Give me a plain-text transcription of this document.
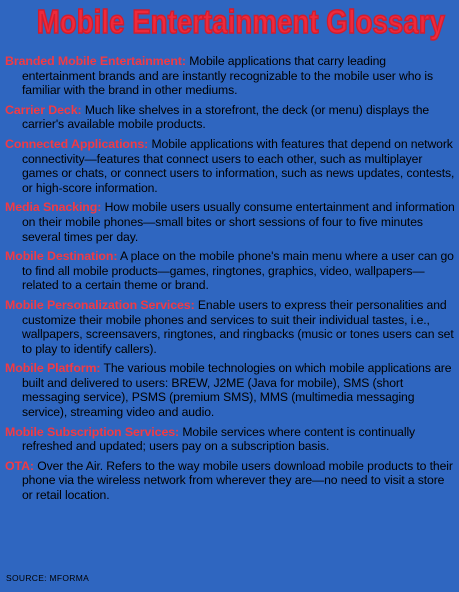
Mobile Entertainment Glossary

Branded Mobile Entertainment: Mobile applications that carry leading entertainment brands and are instantly recognizable to the mobile user who is familiar with the brand in other mediums.

Carrier Deck: Much like shelves in a storefront, the deck (or menu) displays the carrier's available mobile products.

Connected Applications: Mobile applications with features that depend on network connectivity—features that connect users to each other, such as multiplayer games or chats, or connect users to information, such as news updates, contests, or high-score information.

Media Snacking: How mobile users usually consume entertainment and information on their mobile phones—small bites or short sessions of four to five minutes several times per day.

Mobile Destination: A place on the mobile phone's main menu where a user can go to find all mobile products—games, ringtones, graphics, video, wallpapers—related to a certain theme or brand.

Mobile Personalization Services: Enable users to express their personalities and customize their mobile phones and services to suit their individual tastes, i.e., wallpapers, screensavers, ringtones, and ringbacks (music or tones users can set to play to identify callers).

Mobile Platform: The various mobile technologies on which mobile applications are built and delivered to users: BREW, J2ME (Java for mobile), SMS (short messaging service), PSMS (premium SMS), MMS (multimedia messaging service), streaming video and audio.

Mobile Subscription Services: Mobile services where content is continually refreshed and updated; users pay on a subscription basis.

OTA: Over the Air. Refers to the way mobile users download mobile products to their phone via the wireless network from wherever they are—no need to visit a store or retail location.

SOURCE: MFORMA
